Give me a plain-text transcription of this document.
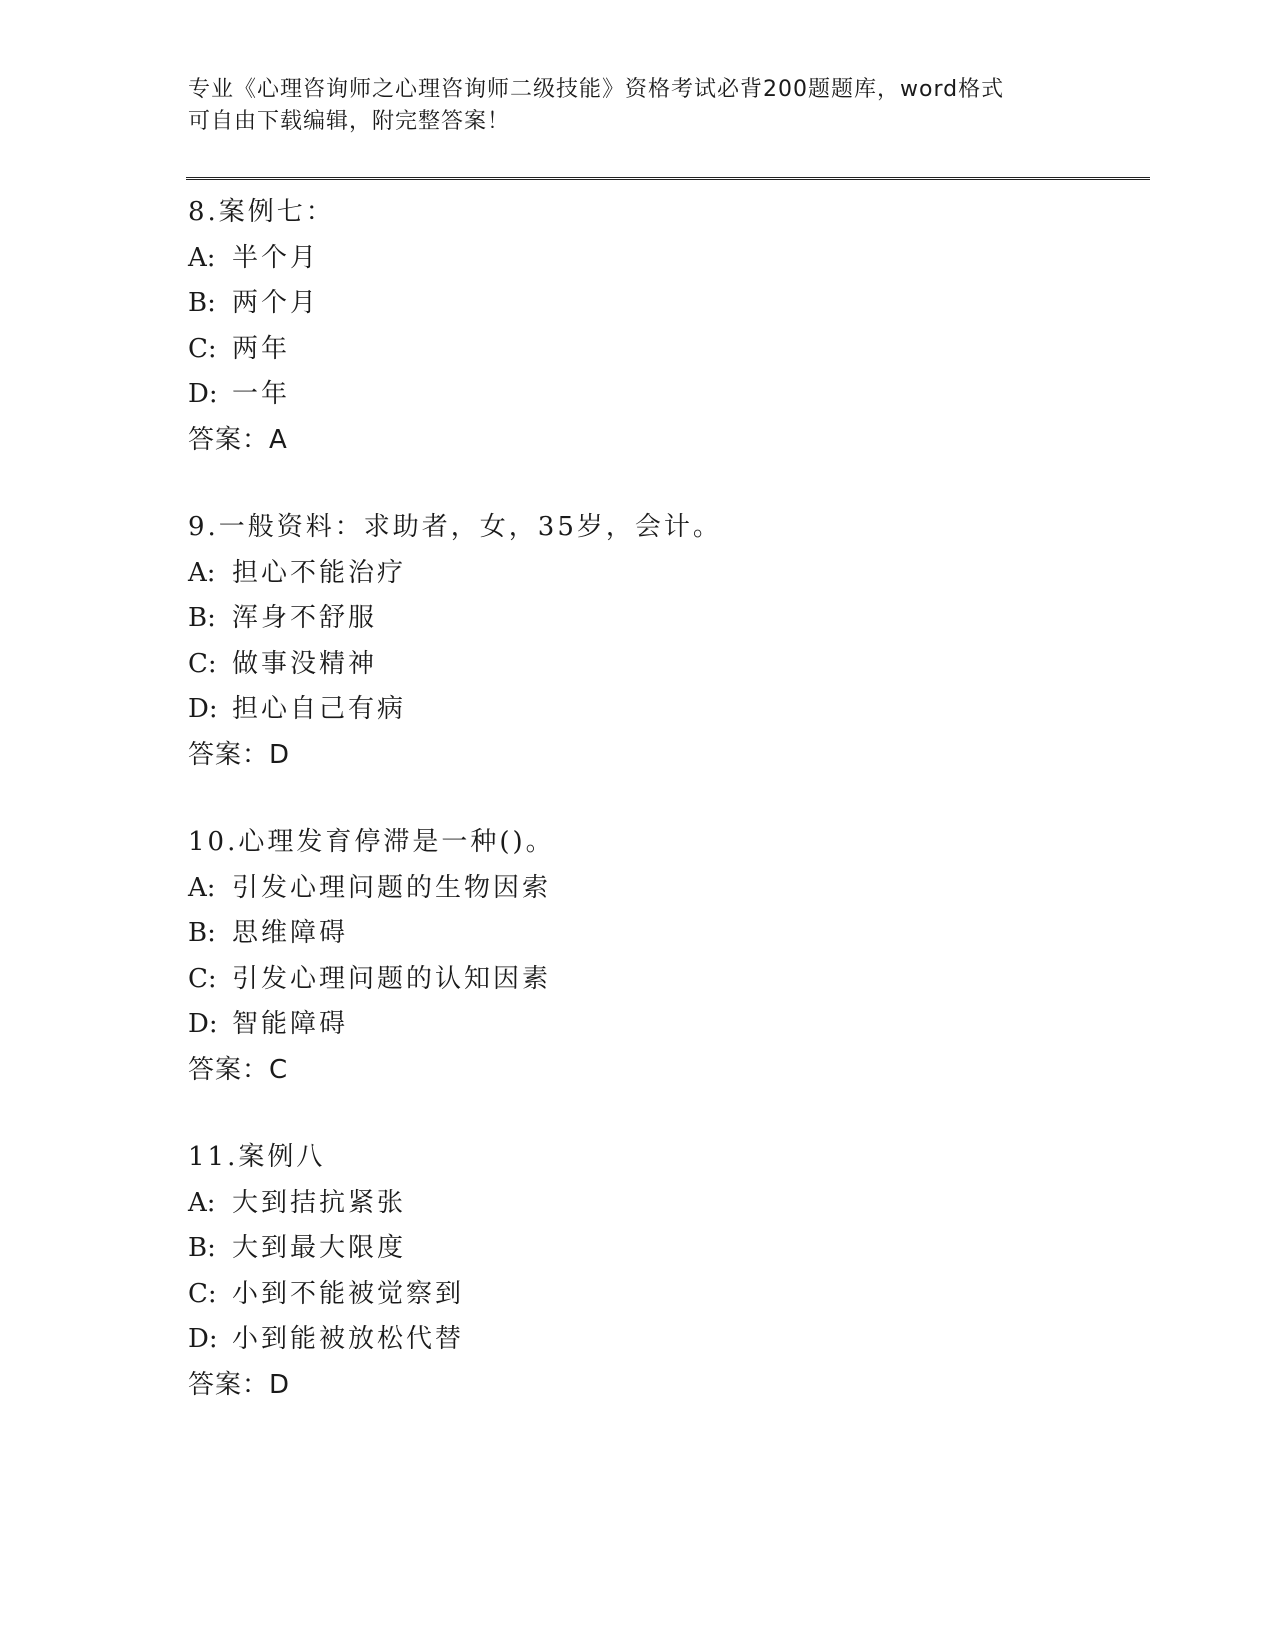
专业《心理咨询师之心理咨询师二级技能》资格考试必背200题题库，word格式
可自由下载编辑，附完整答案！
8.案例七：
A: 半个月
B: 两个月
C: 两年
D: 一年
答案：A
9.一般资料：求助者，女，35岁，会计。
A: 担心不能治疗
B: 浑身不舒服
C: 做事没精神
D: 担心自己有病
答案：D
10.心理发育停滞是一种()。
A: 引发心理问题的生物因索
B: 思维障碍
C: 引发心理问题的认知因素
D: 智能障碍
答案：C
11.案例八
A: 大到拮抗紧张
B: 大到最大限度
C: 小到不能被觉察到
D: 小到能被放松代替
答案：D
